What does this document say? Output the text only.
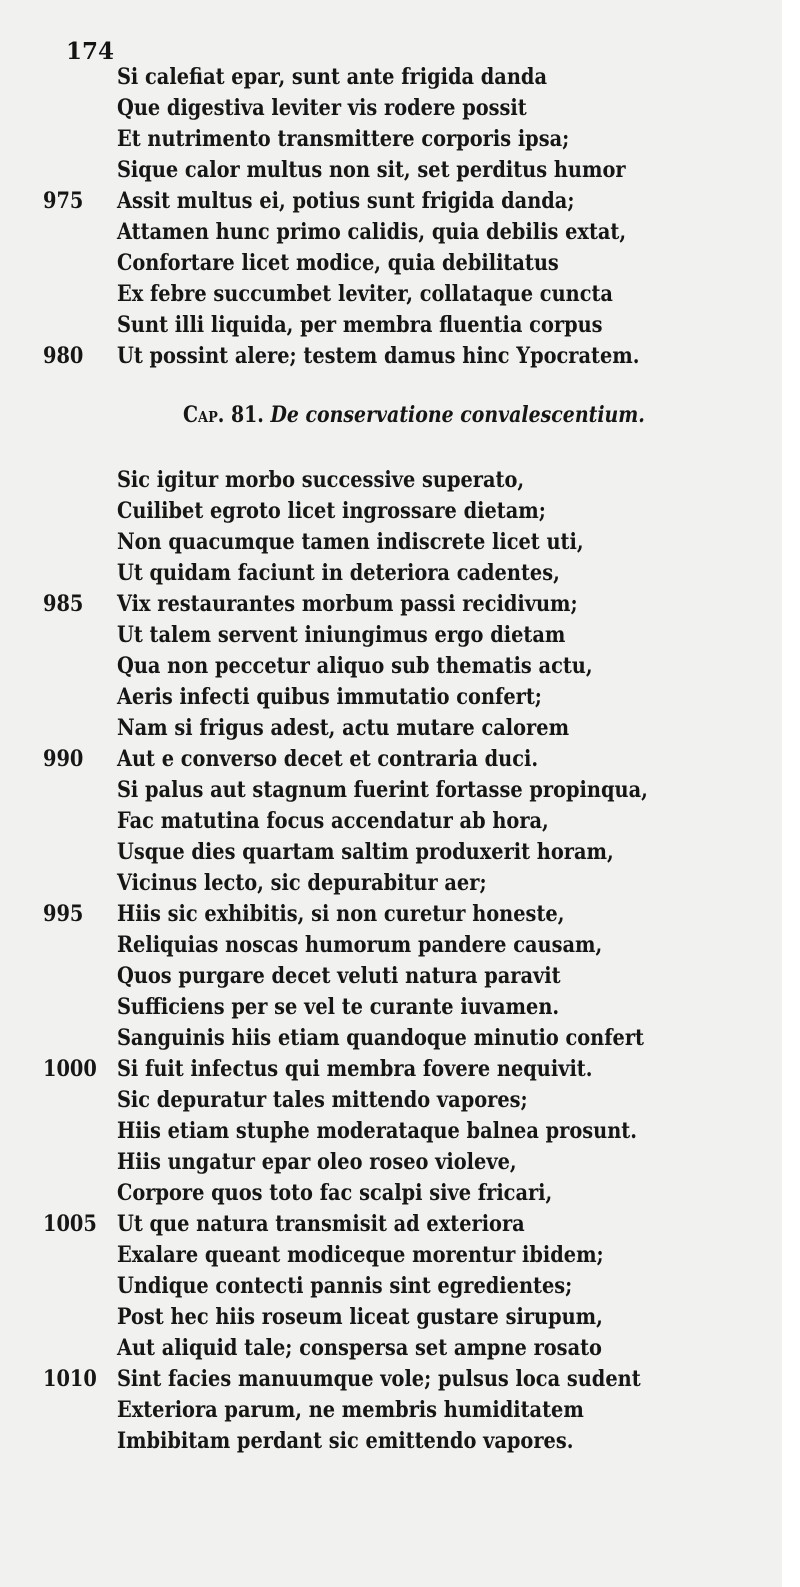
174
Si calefiat epar, sunt ante frigida danda
Que digestiva leviter vis rodere possit
Et nutrimento transmittere corporis ipsa;
Sique calor multus non sit, set perditus humor
975	Assit multus ei, potius sunt frigida danda;
Attamen hunc primo calidis, quia debilis extat,
Confortare licet modice, quia debilitatus
Ex febre succumbet leviter, collataque cuncta
Sunt illi liquida, per membra fluentia corpus
980	Ut possint alere; testem damus hinc Ypocratem.
Cap. 81. De conservatione convalescentium.
Sic igitur morbo successive superato,
Cuilibet egroto licet ingrossare dietam;
Non quacumque tamen indiscrete licet uti,
Ut quidam faciunt in deteriora cadentes,
985	Vix restaurantes morbum passi recidivum;
Ut talem servent iniungimus ergo dietam
Qua non peccetur aliquo sub thematis actu,
Aeris infecti quibus immutatio confert;
Nam si frigus adest, actu mutare calorem
990	Aut e converso decet et contraria duci.
Si palus aut stagnum fuerint fortasse propinqua,
Fac matutina focus accendatur ab hora,
Usque dies quartam saltim produxerit horam,
Vicinus lecto, sic depurabitur aer;
995	Hiis sic exhibitis, si non curetur honeste,
Reliquias noscas humorum pandere causam,
Quos purgare decet veluti natura paravit
Sufficiens per se vel te curante iuvamen.
Sanguinis hiis etiam quandoque minutio confert
1000 Si fuit infectus qui membra fovere nequivit.
Sic depuratur tales mittendo vapores;
Hiis etiam stuphe moderataque balnea prosunt.
Hiis ungatur epar oleo roseo violeve,
Corpore quos toto fac scalpi sive fricari,
1005 Ut que natura transmisit ad exteriora
Exalare queant modiceque morentur ibidem;
Undique contecti pannis sint egredientes;
Post hec hiis roseum liceat gustare sirupum,
Aut aliquid tale; conspersa set ampne rosato
1010 Sint facies manuumque vole; pulsus loca sudent
Exteriora parum, ne membris humiditatem
Imbibitam perdant sic emittendo vapores.
